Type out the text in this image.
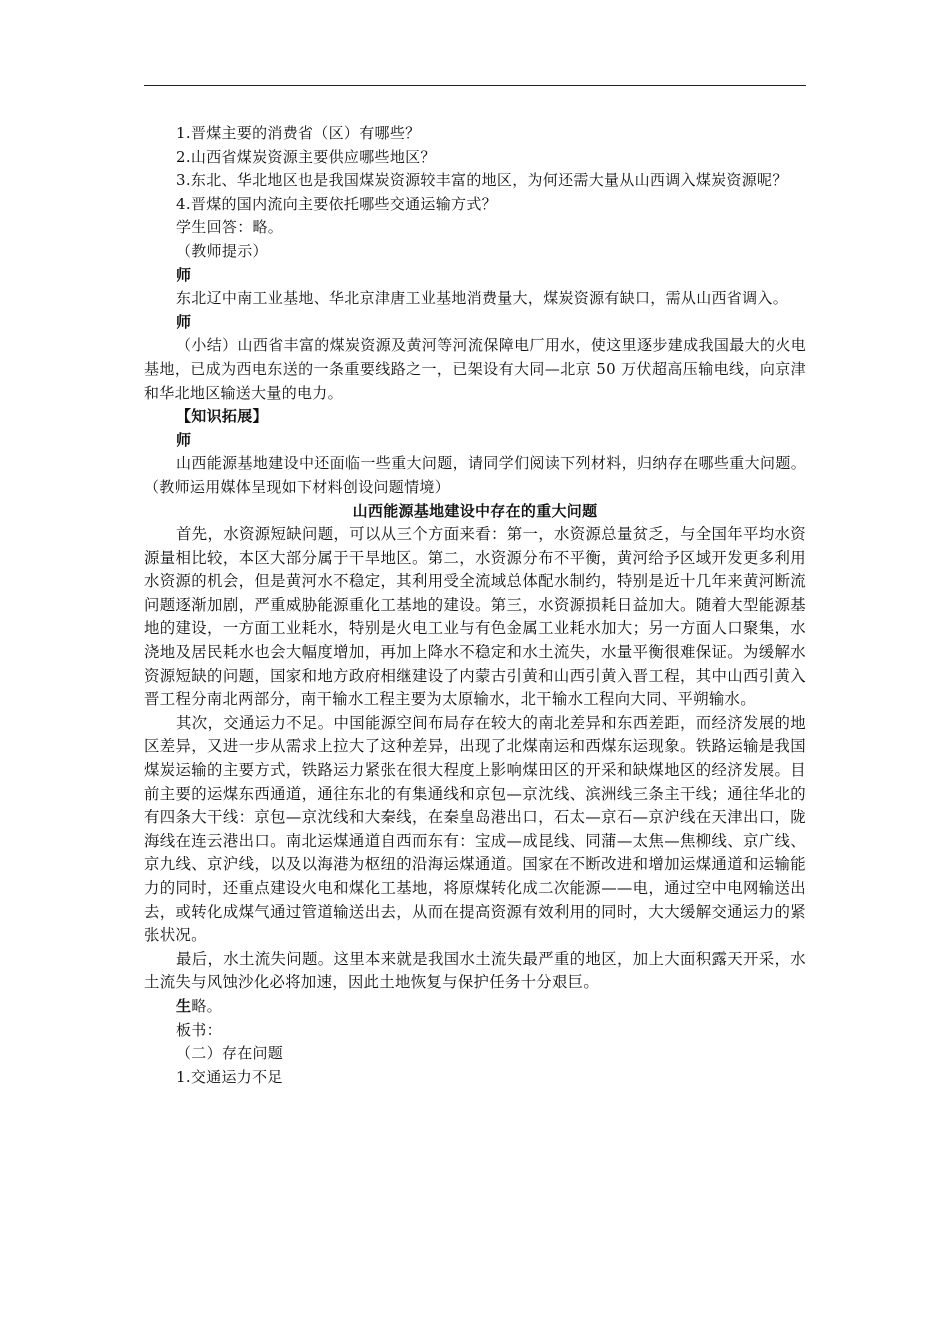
1.晋煤主要的消费省（区）有哪些？

2.山西省煤炭资源主要供应哪些地区？

3.东北、华北地区也是我国煤炭资源较丰富的地区，为何还需大量从山西调入煤炭资源呢？

4.晋煤的国内流向主要依托哪些交通运输方式？

学生回答：略。

（教师提示）

师

东北辽中南工业基地、华北京津唐工业基地消费量大，煤炭资源有缺口，需从山西省调入。

师

（小结）山西省丰富的煤炭资源及黄河等河流保障电厂用水，使这里逐步建成我国最大的火电基地，已成为西电东送的一条重要线路之一，已架设有大同—北京 50 万伏超高压输电线，向京津和华北地区输送大量的电力。

【知识拓展】

师

山西能源基地建设中还面临一些重大问题，请同学们阅读下列材料，归纳存在哪些重大问题。（教师运用媒体呈现如下材料创设问题情境）

山西能源基地建设中存在的重大问题

首先，水资源短缺问题，可以从三个方面来看：第一，水资源总量贫乏，与全国年平均水资源量相比较，本区大部分属于干旱地区。第二，水资源分布不平衡，黄河给予区域开发更多利用水资源的机会，但是黄河水不稳定，其利用受全流域总体配水制约，特别是近十几年来黄河断流问题逐渐加剧，严重威胁能源重化工基地的建设。第三，水资源损耗日益加大。随着大型能源基地的建设，一方面工业耗水，特别是火电工业与有色金属工业耗水加大；另一方面人口聚集，水浇地及居民耗水也会大幅度增加，再加上降水不稳定和水土流失，水量平衡很难保证。为缓解水资源短缺的问题，国家和地方政府相继建设了内蒙古引黄和山西引黄入晋工程，其中山西引黄入晋工程分南北两部分，南干输水工程主要为太原输水，北干输水工程向大同、平朔输水。

其次，交通运力不足。中国能源空间布局存在较大的南北差异和东西差距，而经济发展的地区差异，又进一步从需求上拉大了这种差异，出现了北煤南运和西煤东运现象。铁路运输是我国煤炭运输的主要方式，铁路运力紧张在很大程度上影响煤田区的开采和缺煤地区的经济发展。目前主要的运煤东西通道，通往东北的有集通线和京包—京沈线、滨洲线三条主干线；通往华北的有四条大干线：京包—京沈线和大秦线，在秦皇岛港出口，石太—京石—京沪线在天津出口，陇海线在连云港出口。南北运煤通道自西而东有：宝成—成昆线、同蒲—太焦—焦柳线、京广线、京九线、京沪线，以及以海港为枢纽的沿海运煤通道。国家在不断改进和增加运煤通道和运输能力的同时，还重点建设火电和煤化工基地，将原煤转化成二次能源——电，通过空中电网输送出去，或转化成煤气通过管道输送出去，从而在提高资源有效利用的同时，大大缓解交通运力的紧张状况。

最后，水土流失问题。这里本来就是我国水土流失最严重的地区，加上大面积露天开采，水土流失与风蚀沙化必将加速，因此土地恢复与保护任务十分艰巨。

生略。

板书：

（二）存在问题

1.交通运力不足
